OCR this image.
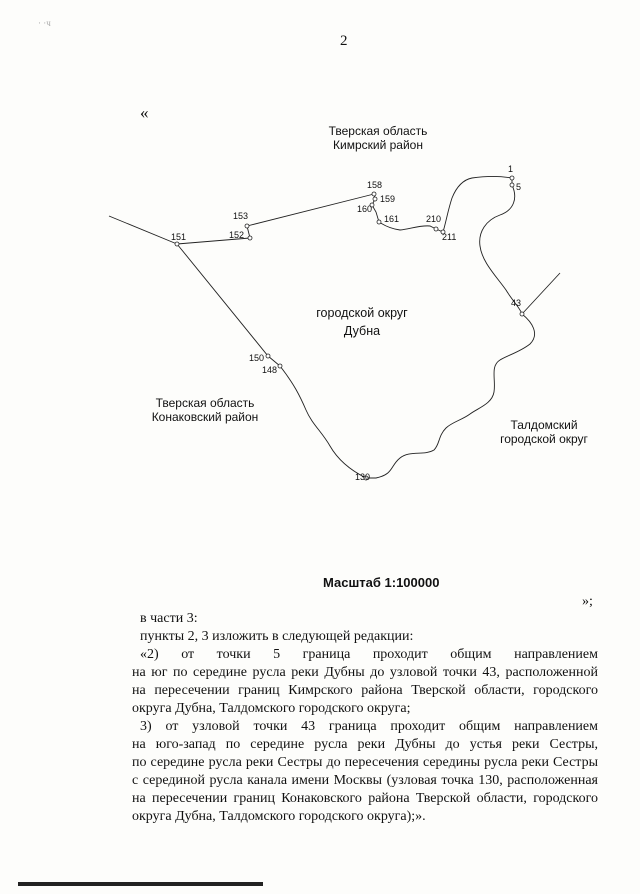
· ·ч
2
«
Тверская область
Кимрский район
городской округ
Дубна
Тверская область
Конаковский район
Талдомский
городской округ
1
5
43
130
148
150
151	152
153
158
159
160
161	210
211
Масштаб 1:100000
»;
в части 3:
пункты 2, 3 изложить в следующей редакции:
«2) от точки 5 граница проходит общим направлением
на юг по середине русла реки Дубны до узловой точки 43, расположенной
на пересечении границ Кимрского района Тверской области, городского
округа Дубна, Талдомского городского округа;
3) от узловой точки 43 граница проходит общим направлением
на юго-запад по середине русла реки Дубны до устья реки Сестры,
по середине русла реки Сестры до пересечения середины русла реки Сестры
с серединой русла канала имени Москвы (узловая точка 130, расположенная
на пересечении границ Конаковского района Тверской области, городского
округа Дубна, Талдомского городского округа);».
